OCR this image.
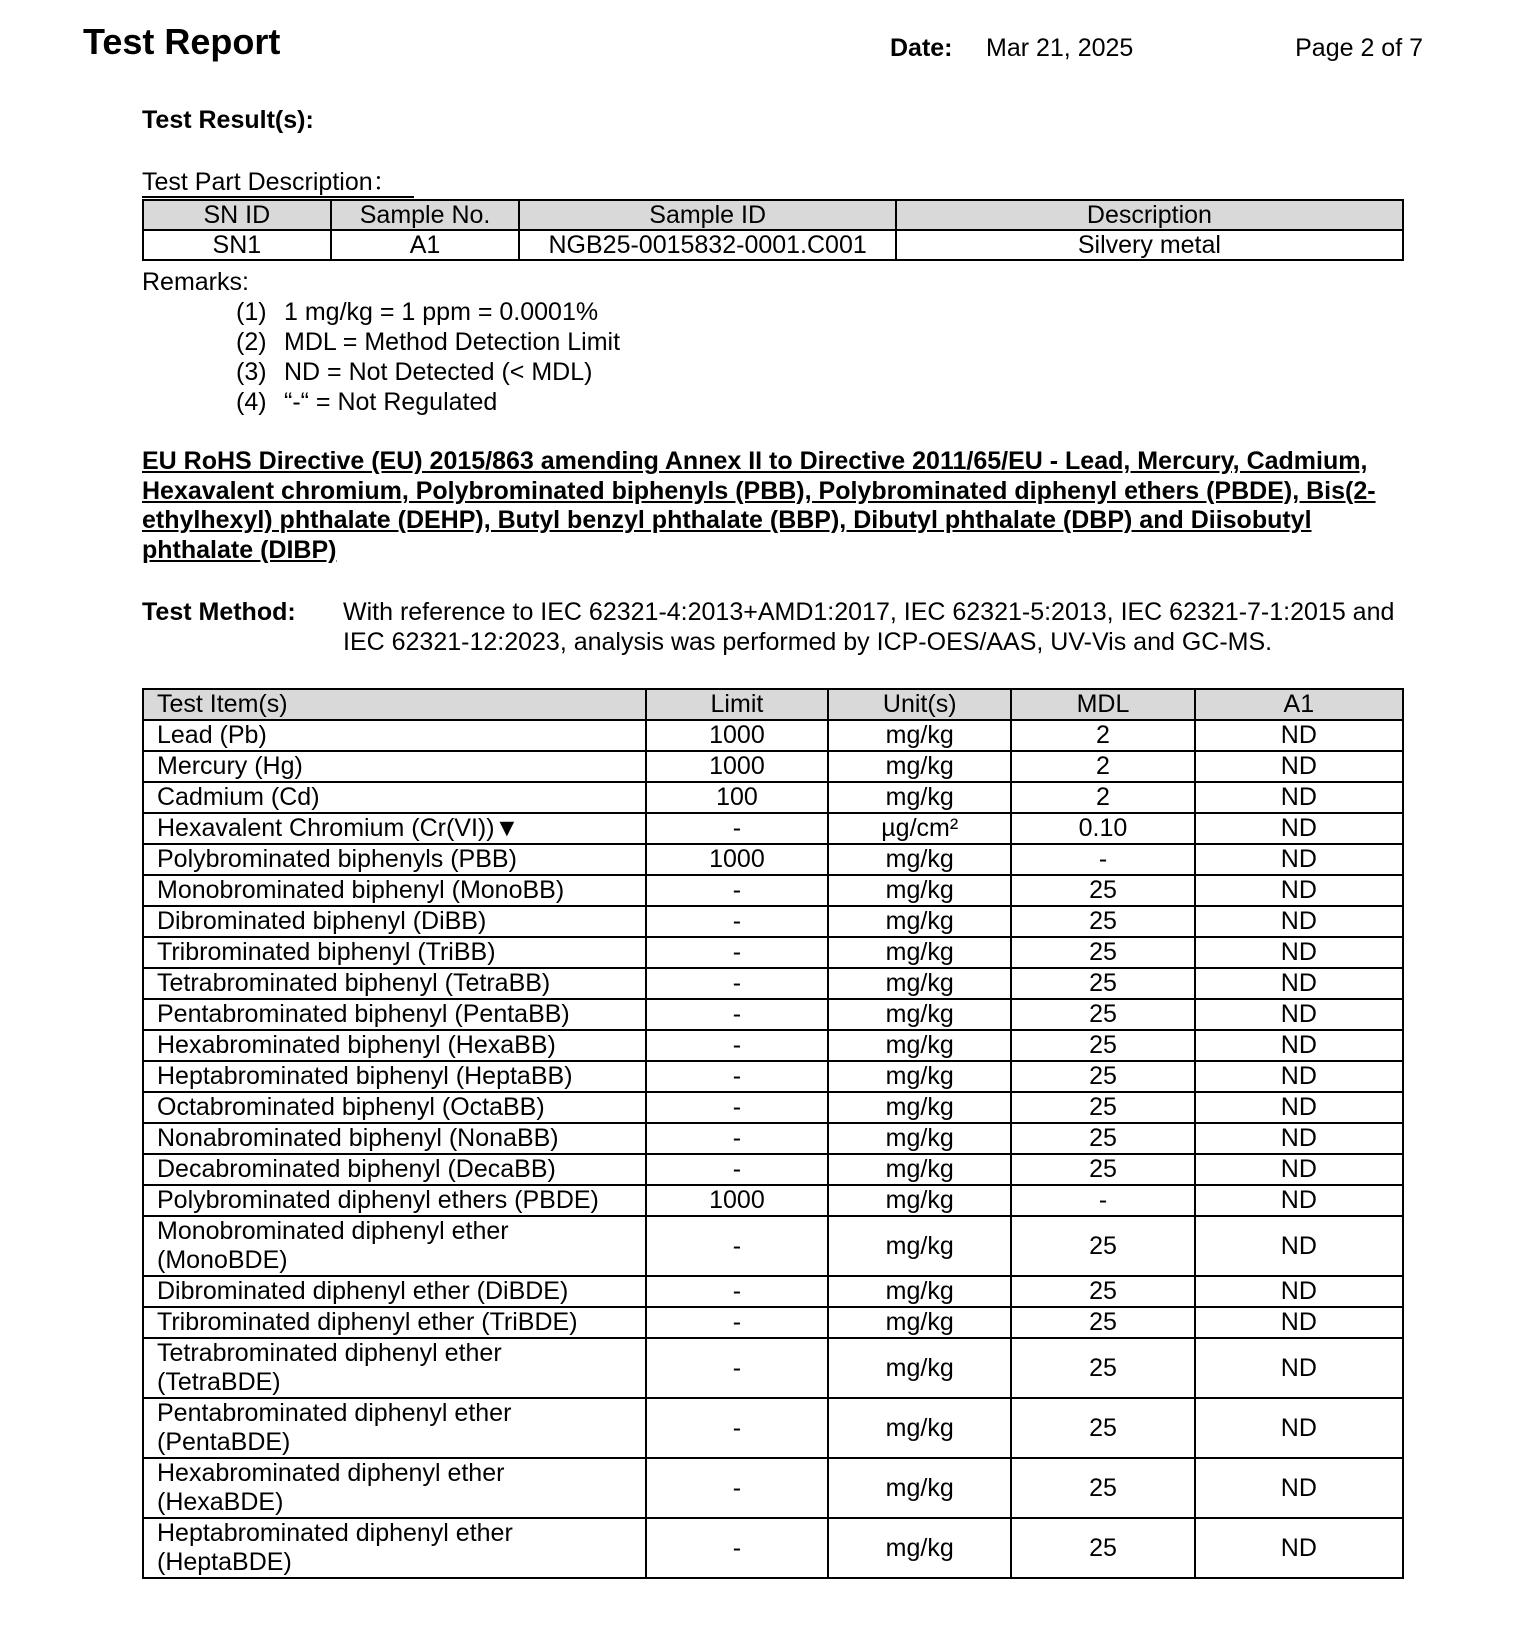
Test Report	Date: Mar 21, 2025	Page 2 of 7
Test Result(s):
Test Part Description：
SN ID	Sample No.	Sample ID	Description
SN1	A1	NGB25-0015832-0001.C001	Silvery metal
Remarks:
(1) 1 mg/kg = 1 ppm = 0.0001%
(2) MDL = Method Detection Limit
(3) ND = Not Detected (< MDL)
(4) “-“ = Not Regulated
EU RoHS Directive (EU) 2015/863 amending Annex II to Directive 2011/65/EU - Lead, Mercury, Cadmium, Hexavalent chromium, Polybrominated biphenyls (PBB), Polybrominated diphenyl ethers (PBDE), Bis(2-ethylhexyl) phthalate (DEHP), Butyl benzyl phthalate (BBP), Dibutyl phthalate (DBP) and Diisobutyl phthalate (DIBP)
Test Method: With reference to IEC 62321-4:2013+AMD1:2017, IEC 62321-5:2013, IEC 62321-7-1:2015 and IEC 62321-12:2023, analysis was performed by ICP-OES/AAS, UV-Vis and GC-MS.
Test Item(s)	Limit	Unit(s)	MDL	A1
Lead (Pb)	1000	mg/kg	2	ND
Mercury (Hg)	1000	mg/kg	2	ND
Cadmium (Cd)	100	mg/kg	2	ND
Hexavalent Chromium (Cr(VI))▼	-	µg/cm²	0.10	ND
Polybrominated biphenyls (PBB)	1000	mg/kg	-	ND
Monobrominated biphenyl (MonoBB)	-	mg/kg	25	ND
Dibrominated biphenyl (DiBB)	-	mg/kg	25	ND
Tribrominated biphenyl (TriBB)	-	mg/kg	25	ND
Tetrabrominated biphenyl (TetraBB)	-	mg/kg	25	ND
Pentabrominated biphenyl (PentaBB)	-	mg/kg	25	ND
Hexabrominated biphenyl (HexaBB)	-	mg/kg	25	ND
Heptabrominated biphenyl (HeptaBB)	-	mg/kg	25	ND
Octabrominated biphenyl (OctaBB)	-	mg/kg	25	ND
Nonabrominated biphenyl (NonaBB)	-	mg/kg	25	ND
Decabrominated biphenyl (DecaBB)	-	mg/kg	25	ND
Polybrominated diphenyl ethers (PBDE)	1000	mg/kg	-	ND
Monobrominated diphenyl ether (MonoBDE)	-	mg/kg	25	ND
Dibrominated diphenyl ether (DiBDE)	-	mg/kg	25	ND
Tribrominated diphenyl ether (TriBDE)	-	mg/kg	25	ND
Tetrabrominated diphenyl ether (TetraBDE)	-	mg/kg	25	ND
Pentabrominated diphenyl ether (PentaBDE)	-	mg/kg	25	ND
Hexabrominated diphenyl ether (HexaBDE)	-	mg/kg	25	ND
Heptabrominated diphenyl ether (HeptaBDE)	-	mg/kg	25	ND
